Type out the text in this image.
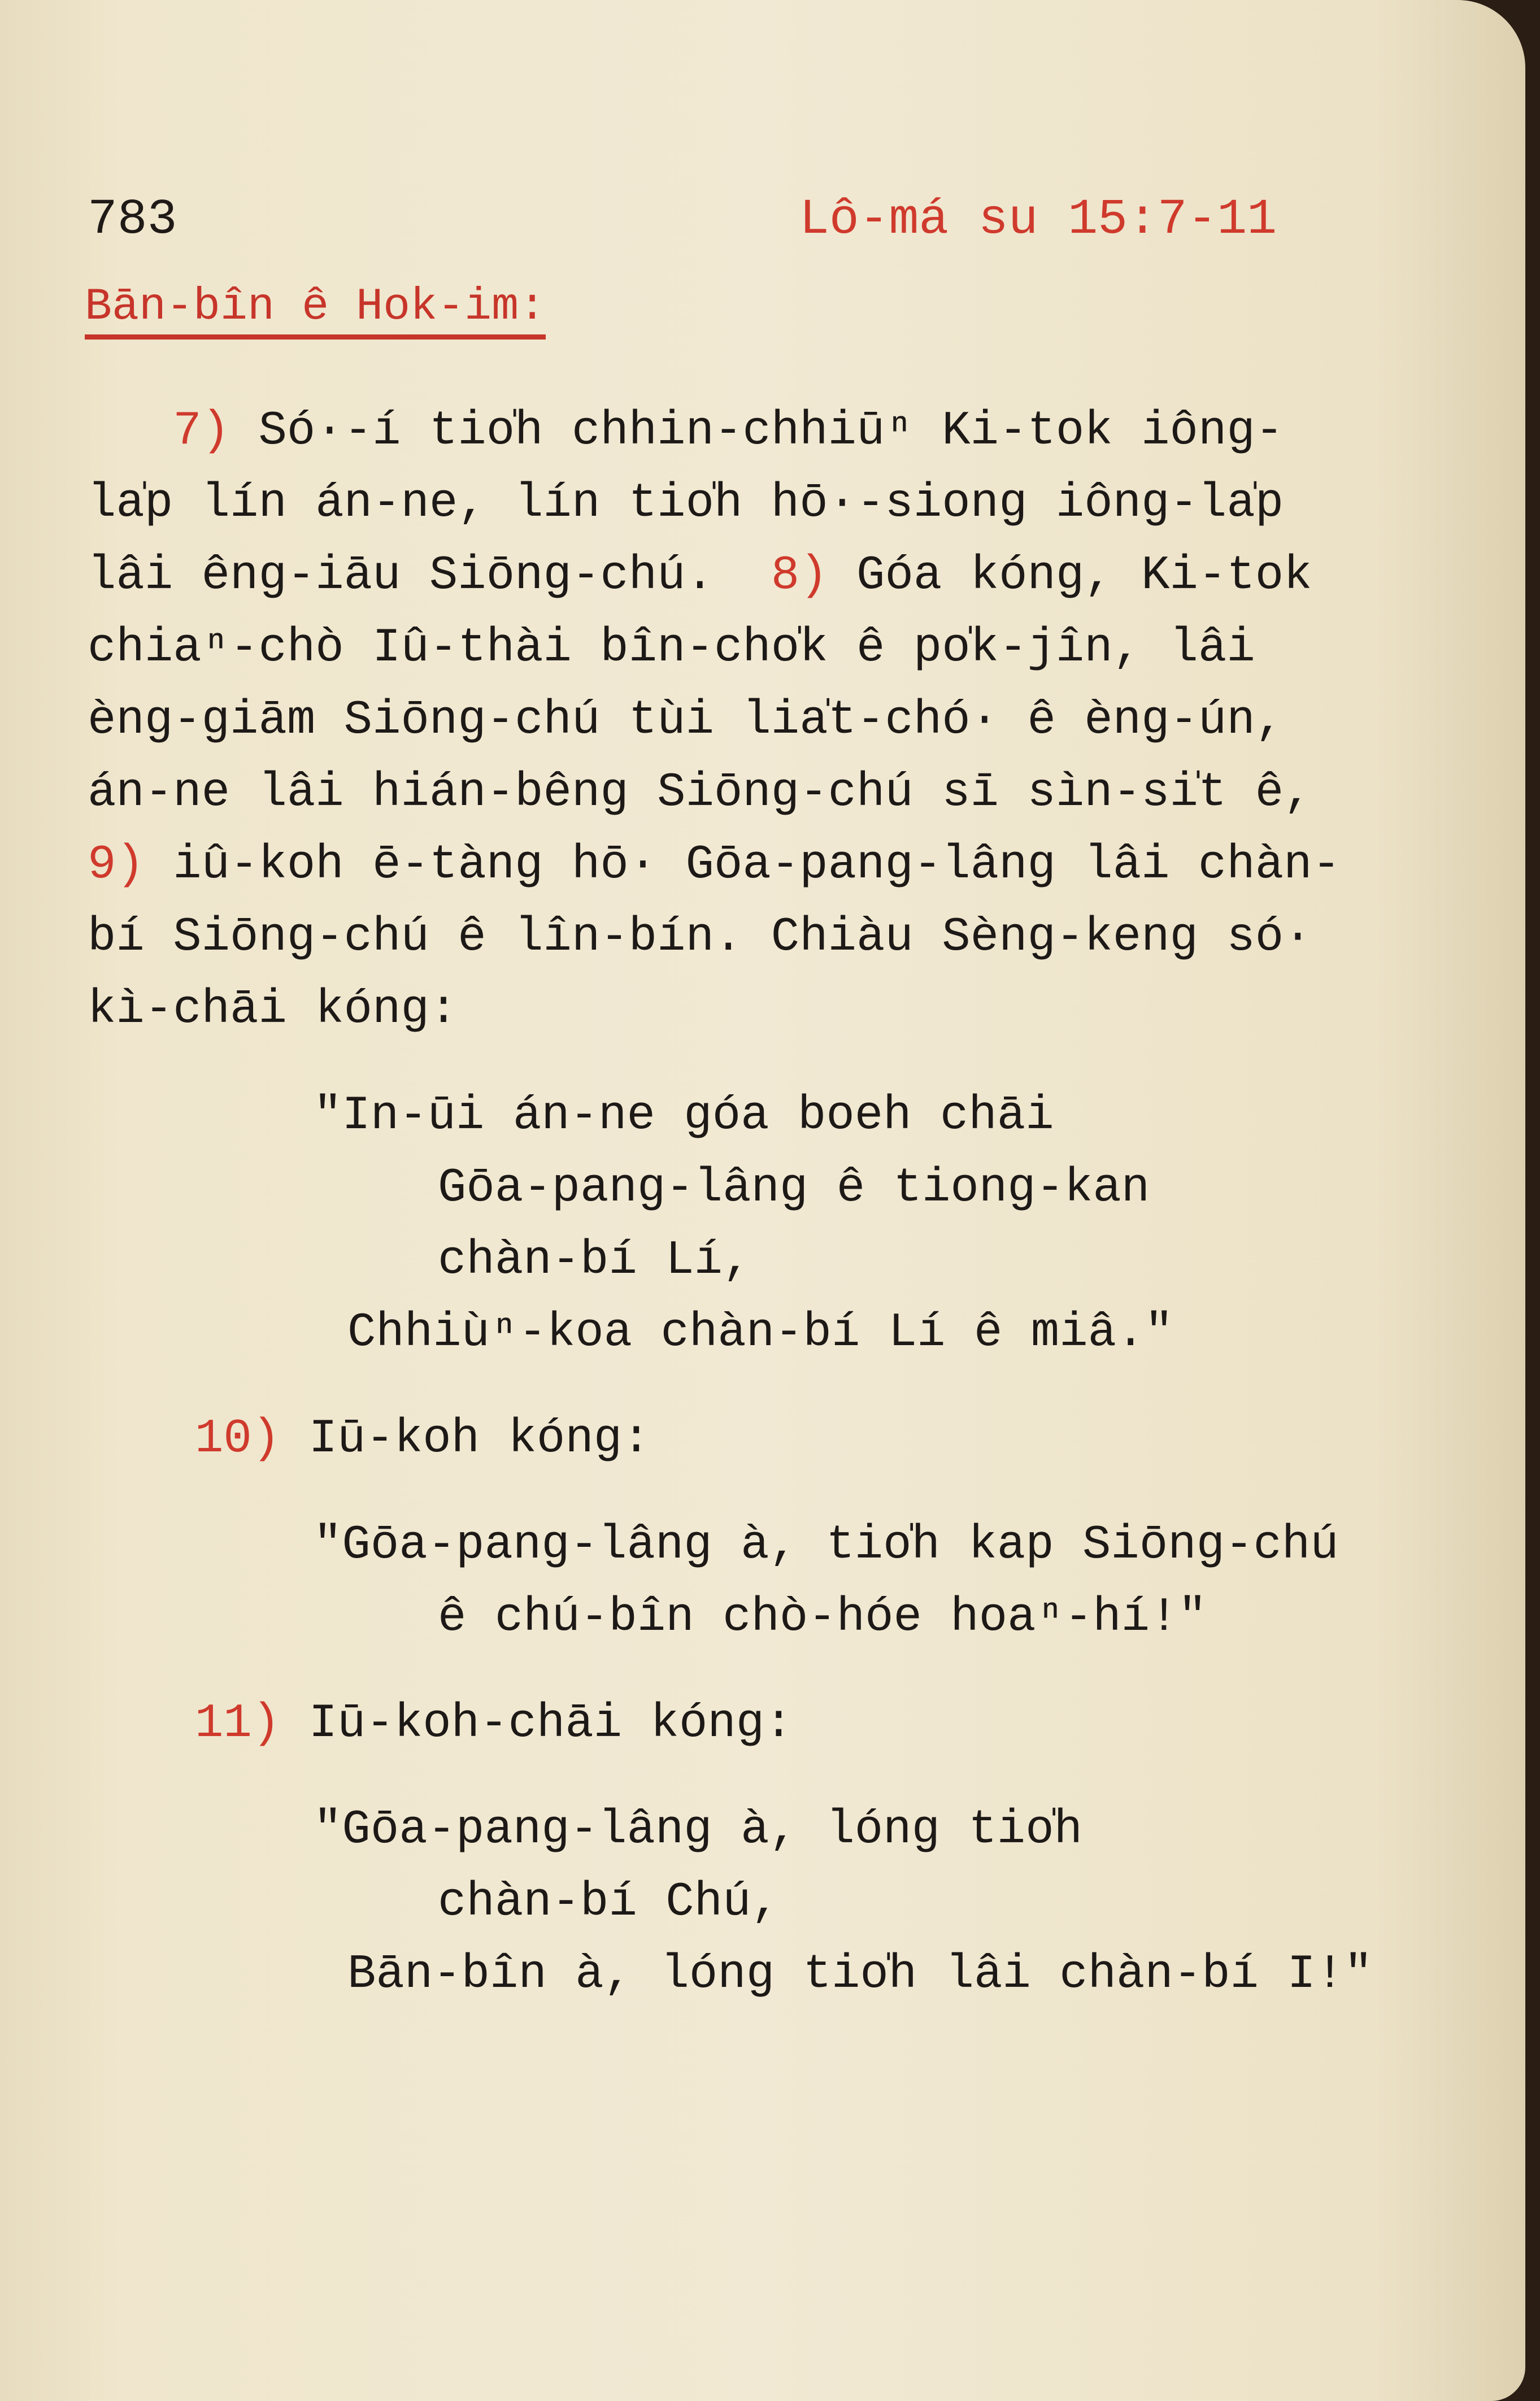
783	Lô-má su 15:7-11
Bān-bîn ê Hok-im:
7) Só·-í tio̍h chhin-chhiūⁿ Ki-tok iông-
la̍p lín án-ne, lín tio̍h hō·-siong iông-la̍p
lâi êng-iāu Siōng-chú.  8) Góa kóng, Ki-tok
chiaⁿ-chò Iû-thài bîn-cho̍k ê po̍k-jîn, lâi
èng-giām Siōng-chú tùi lia̍t-chó· ê èng-ún,
án-ne lâi hián-bêng Siōng-chú sī sìn-si̍t ê,
9) iû-koh ē-tàng hō· Gōa-pang-lâng lâi chàn-
bí Siōng-chú ê lîn-bín. Chiàu Sèng-keng só·
kì-chāi kóng:
"In-ūi án-ne góa boeh chāi
Gōa-pang-lâng ê tiong-kan
chàn-bí Lí,
Chhiùⁿ-koa chàn-bí Lí ê miâ."
10) Iū-koh kóng:
"Gōa-pang-lâng à, tio̍h kap Siōng-chú
ê chú-bîn chò-hóe hoaⁿ-hí!"
11) Iū-koh-chāi kóng:
"Gōa-pang-lâng à, lóng tio̍h
chàn-bí Chú,
Bān-bîn à, lóng tio̍h lâi chàn-bí I!"
